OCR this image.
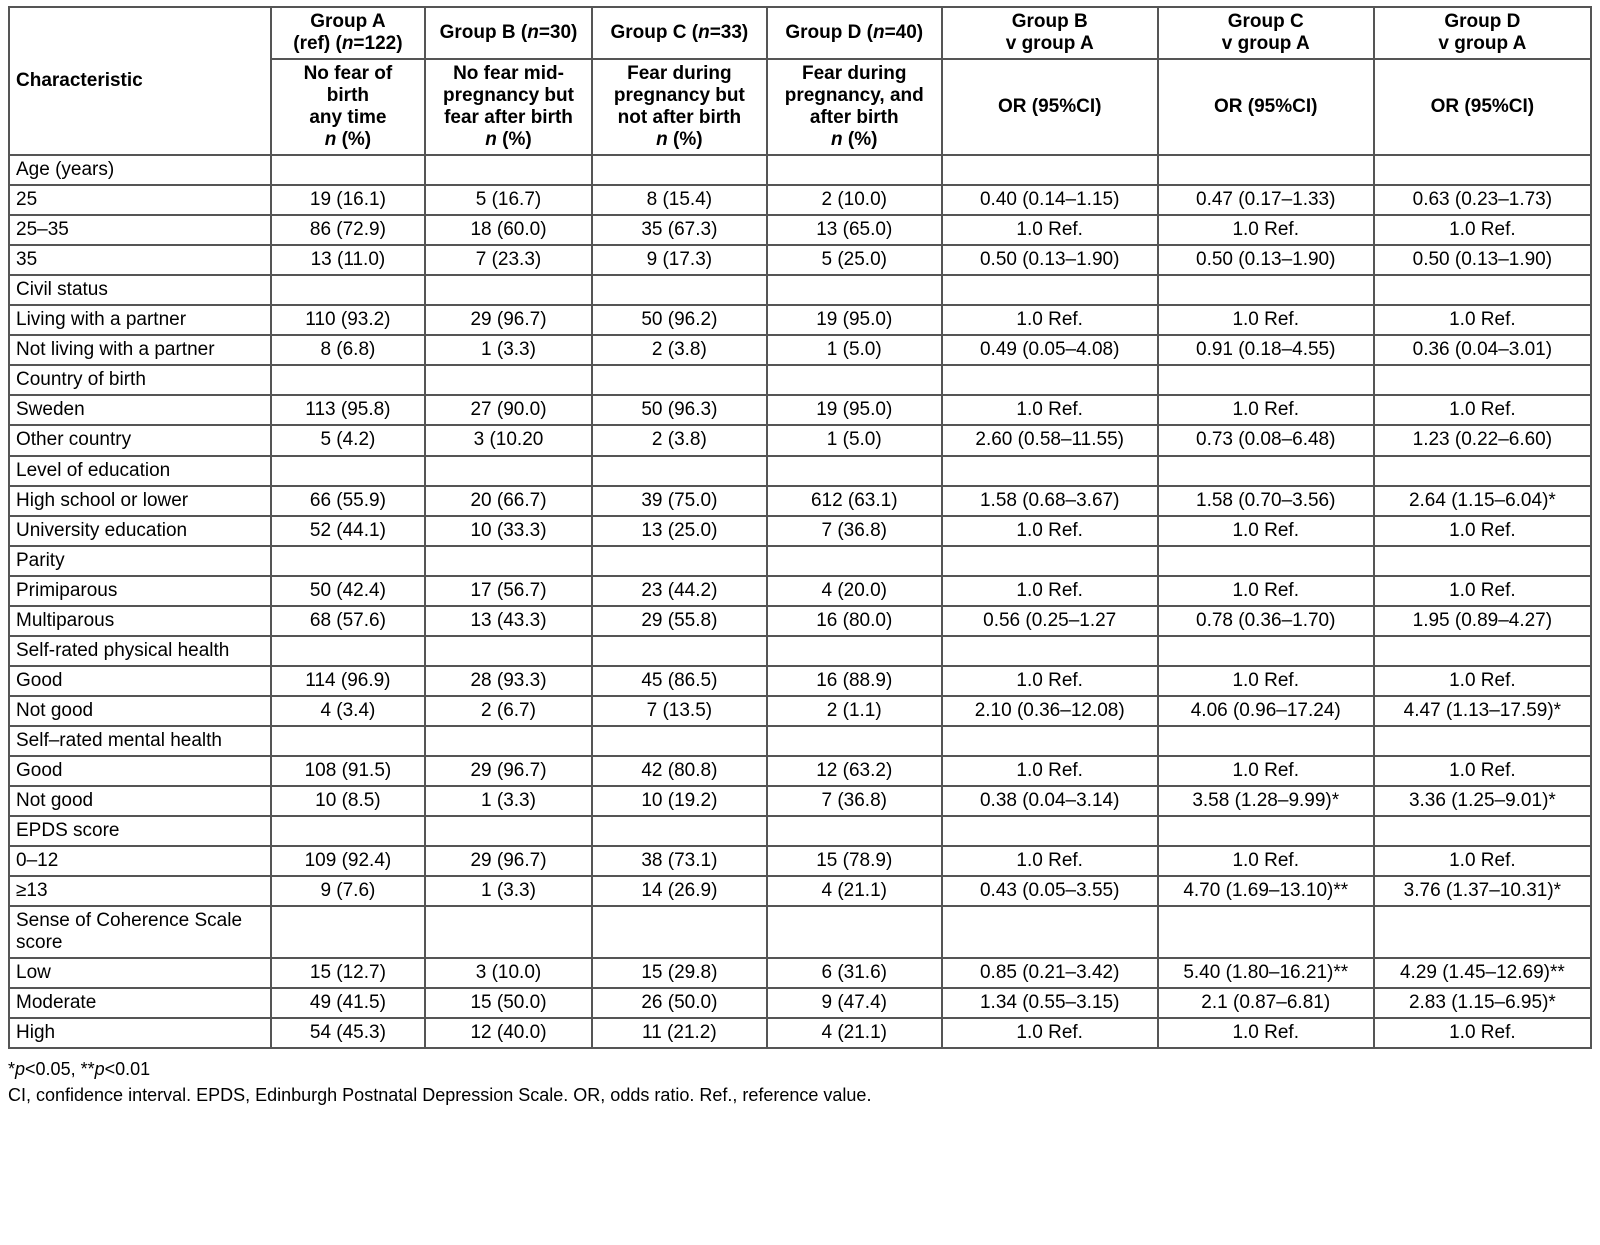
Characteristic	Group A
(ref) (n=122)	Group B (n=30)	Group C (n=33)	Group D (n=40)	Group B
v group A	Group C
v group A	Group D
v group A
	No fear of
birth
any time
n (%)	No fear mid-
pregnancy but
fear after birth
n (%)	Fear during
pregnancy but
not after birth
n (%)	Fear during
pregnancy, and
after birth
n (%)	OR (95%CI)	OR (95%CI)	OR (95%CI)
Age (years)							
25	19 (16.1)	5 (16.7)	8 (15.4)	2 (10.0)	0.40 (0.14–1.15)	0.47 (0.17–1.33)	0.63 (0.23–1.73)
25–35	86 (72.9)	18 (60.0)	35 (67.3)	13 (65.0)	1.0 Ref.	1.0 Ref.	1.0 Ref.
35	13 (11.0)	7 (23.3)	9 (17.3)	5 (25.0)	0.50 (0.13–1.90)	0.50 (0.13–1.90)	0.50 (0.13–1.90)
Civil status							
Living with a partner	110 (93.2)	29 (96.7)	50 (96.2)	19 (95.0)	1.0 Ref.	1.0 Ref.	1.0 Ref.
Not living with a partner	8 (6.8)	1 (3.3)	2 (3.8)	1 (5.0)	0.49 (0.05–4.08)	0.91 (0.18–4.55)	0.36 (0.04–3.01)
Country of birth							
Sweden	113 (95.8)	27 (90.0)	50 (96.3)	19 (95.0)	1.0 Ref.	1.0 Ref.	1.0 Ref.
Other country	5 (4.2)	3 (10.20	2 (3.8)	1 (5.0)	2.60 (0.58–11.55)	0.73 (0.08–6.48)	1.23 (0.22–6.60)
Level of education							
High school or lower	66 (55.9)	20 (66.7)	39 (75.0)	612 (63.1)	1.58 (0.68–3.67)	1.58 (0.70–3.56)	2.64 (1.15–6.04)*
University education	52 (44.1)	10 (33.3)	13 (25.0)	7 (36.8)	1.0 Ref.	1.0 Ref.	1.0 Ref.
Parity							
Primiparous	50 (42.4)	17 (56.7)	23 (44.2)	4 (20.0)	1.0 Ref.	1.0 Ref.	1.0 Ref.
Multiparous	68 (57.6)	13 (43.3)	29 (55.8)	16 (80.0)	0.56 (0.25–1.27	0.78 (0.36–1.70)	1.95 (0.89–4.27)
Self-rated physical health							
Good	114 (96.9)	28 (93.3)	45 (86.5)	16 (88.9)	1.0 Ref.	1.0 Ref.	1.0 Ref.
Not good	4 (3.4)	2 (6.7)	7 (13.5)	2 (1.1)	2.10 (0.36–12.08)	4.06 (0.96–17.24)	4.47 (1.13–17.59)*
Self–rated mental health							
Good	108 (91.5)	29 (96.7)	42 (80.8)	12 (63.2)	1.0 Ref.	1.0 Ref.	1.0 Ref.
Not good	10 (8.5)	1 (3.3)	10 (19.2)	7 (36.8)	0.38 (0.04–3.14)	3.58 (1.28–9.99)*	3.36 (1.25–9.01)*
EPDS score							
0–12	109 (92.4)	29 (96.7)	38 (73.1)	15 (78.9)	1.0 Ref.	1.0 Ref.	1.0 Ref.
≥13	9 (7.6)	1 (3.3)	14 (26.9)	4 (21.1)	0.43 (0.05–3.55)	4.70 (1.69–13.10)**	3.76 (1.37–10.31)*
Sense of Coherence Scale score							
Low	15 (12.7)	3 (10.0)	15 (29.8)	6 (31.6)	0.85 (0.21–3.42)	5.40 (1.80–16.21)**	4.29 (1.45–12.69)**
Moderate	49 (41.5)	15 (50.0)	26 (50.0)	9 (47.4)	1.34 (0.55–3.15)	2.1 (0.87–6.81)	2.83 (1.15–6.95)*
High	54 (45.3)	12 (40.0)	11 (21.2)	4 (21.1)	1.0 Ref.	1.0 Ref.	1.0 Ref.
*p<0.05, **p<0.01
CI, confidence interval. EPDS, Edinburgh Postnatal Depression Scale. OR, odds ratio. Ref., reference value.
